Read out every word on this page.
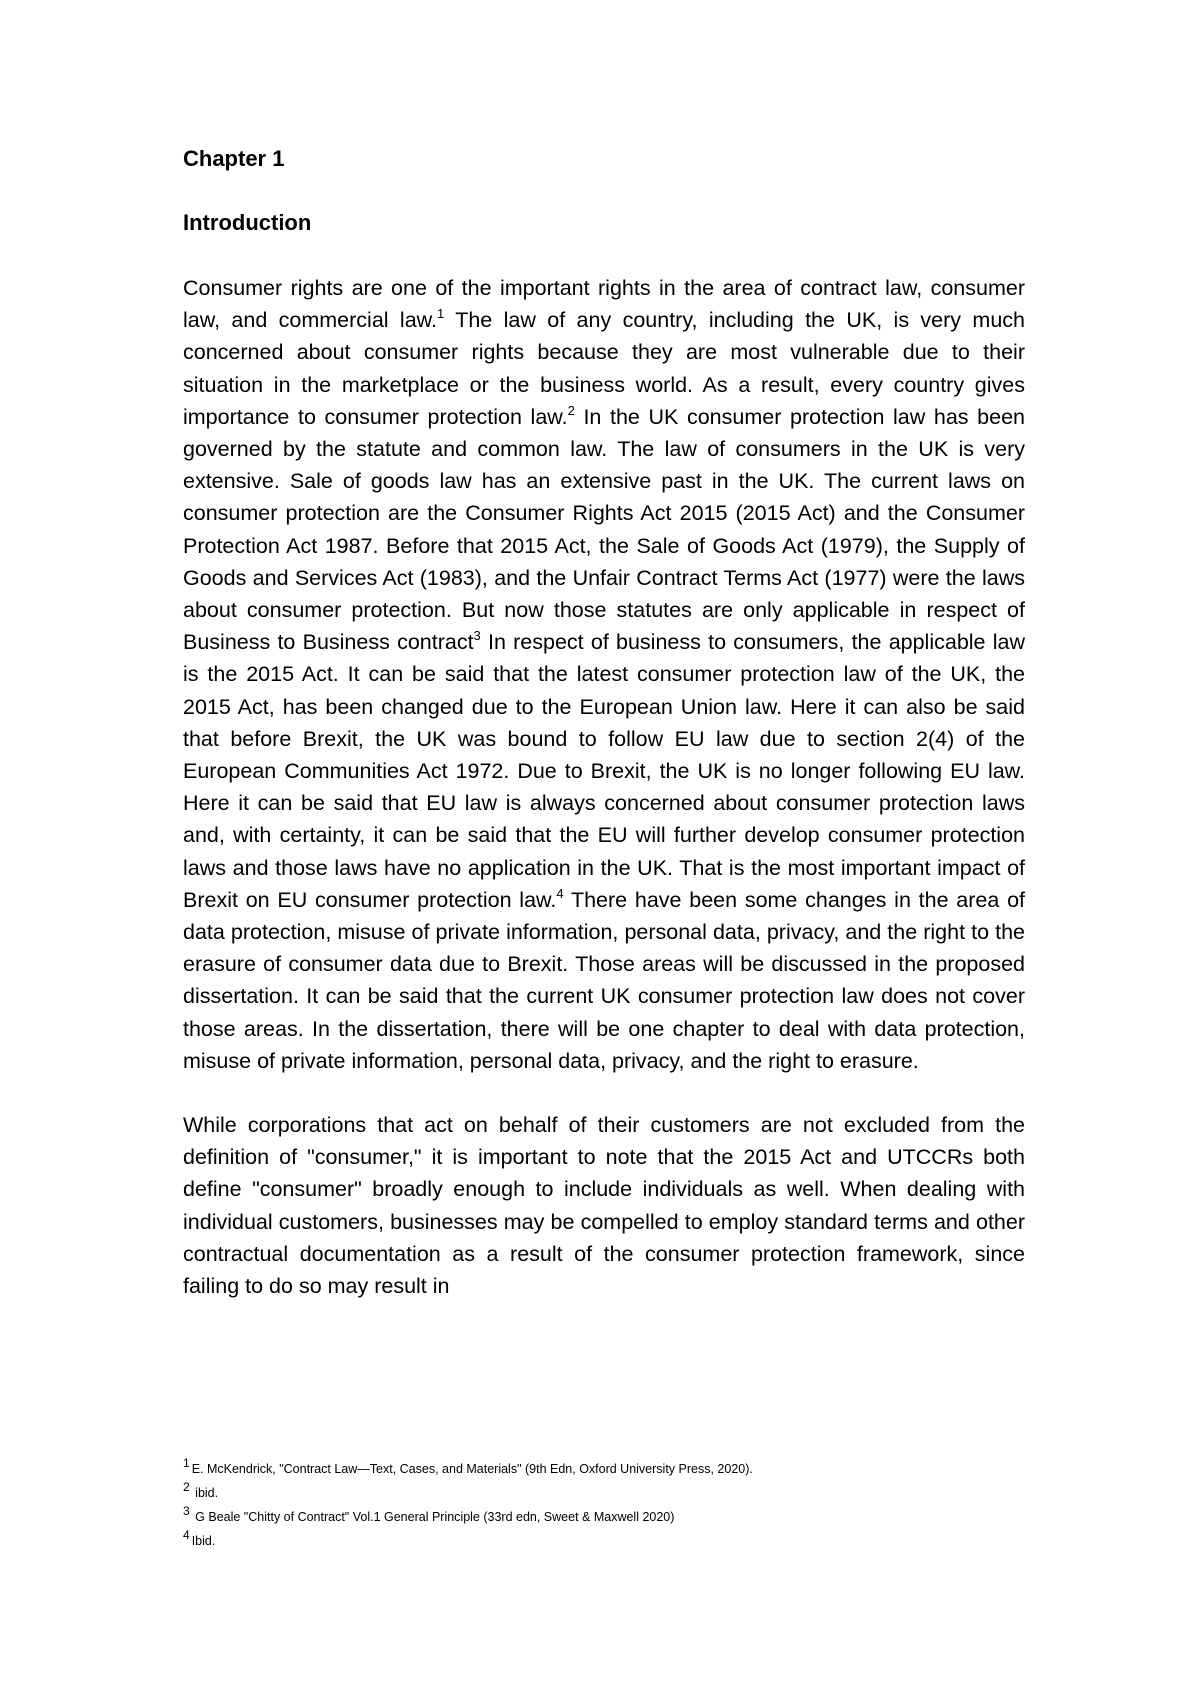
Chapter 1
Introduction

Consumer rights are one of the important rights in the area of contract law, consumer law, and commercial law.$^1$ The law of any country, including the UK, is very much concerned about consumer rights because they are most vulnerable due to their situation in the marketplace or the business world. As a result, every country gives importance to consumer protection law.$^2$ In the UK consumer protection law has been governed by the statute and common law. The law of consumers in the UK is very extensive. Sale of goods law has an extensive past in the UK. The current laws on consumer protection are the Consumer Rights Act 2015 (2015 Act) and the Consumer Protection Act 1987. Before that 2015 Act, the Sale of Goods Act (1979), the Supply of Goods and Services Act (1983), and the Unfair Contract Terms Act (1977) were the laws about consumer protection. But now those statutes are only applicable in respect of Business to Business contract$^3$ In respect of business to consumers, the applicable law is the 2015 Act. It can be said that the latest consumer protection law of the UK, the 2015 Act, has been changed due to the European Union law. Here it can also be said that before Brexit, the UK was bound to follow EU law due to section 2(4) of the European Communities Act 1972. Due to Brexit, the UK is no longer following EU law. Here it can be said that EU law is always concerned about consumer protection laws and, with certainty, it can be said that the EU will further develop consumer protection laws and those laws have no application in the UK. That is the most important impact of Brexit on EU consumer protection law.$^4$ There have been some changes in the area of data protection, misuse of private information, personal data, privacy, and the right to the erasure of consumer data due to Brexit. Those areas will be discussed in the proposed dissertation. It can be said that the current UK consumer protection law does not cover those areas. In the dissertation, there will be one chapter to deal with data protection, misuse of private information, personal data, privacy, and the right to erasure.

While corporations that act on behalf of their customers are not excluded from the definition of "consumer," it is important to note that the 2015 Act and UTCCRs both define "consumer" broadly enough to include individuals as well. When dealing with individual customers, businesses may be compelled to employ standard terms and other contractual documentation as a result of the consumer protection framework, since failing to do so may result in

$^1$ E. McKendrick, "Contract Law—Text, Cases, and Materials" (9th Edn, Oxford University Press, 2020).

$^2$ ibid.

$^3$ G Beale "Chitty of Contract" Vol.1 General Principle (33rd edn, Sweet & Maxwell 2020)

$^4$ Ibid.
